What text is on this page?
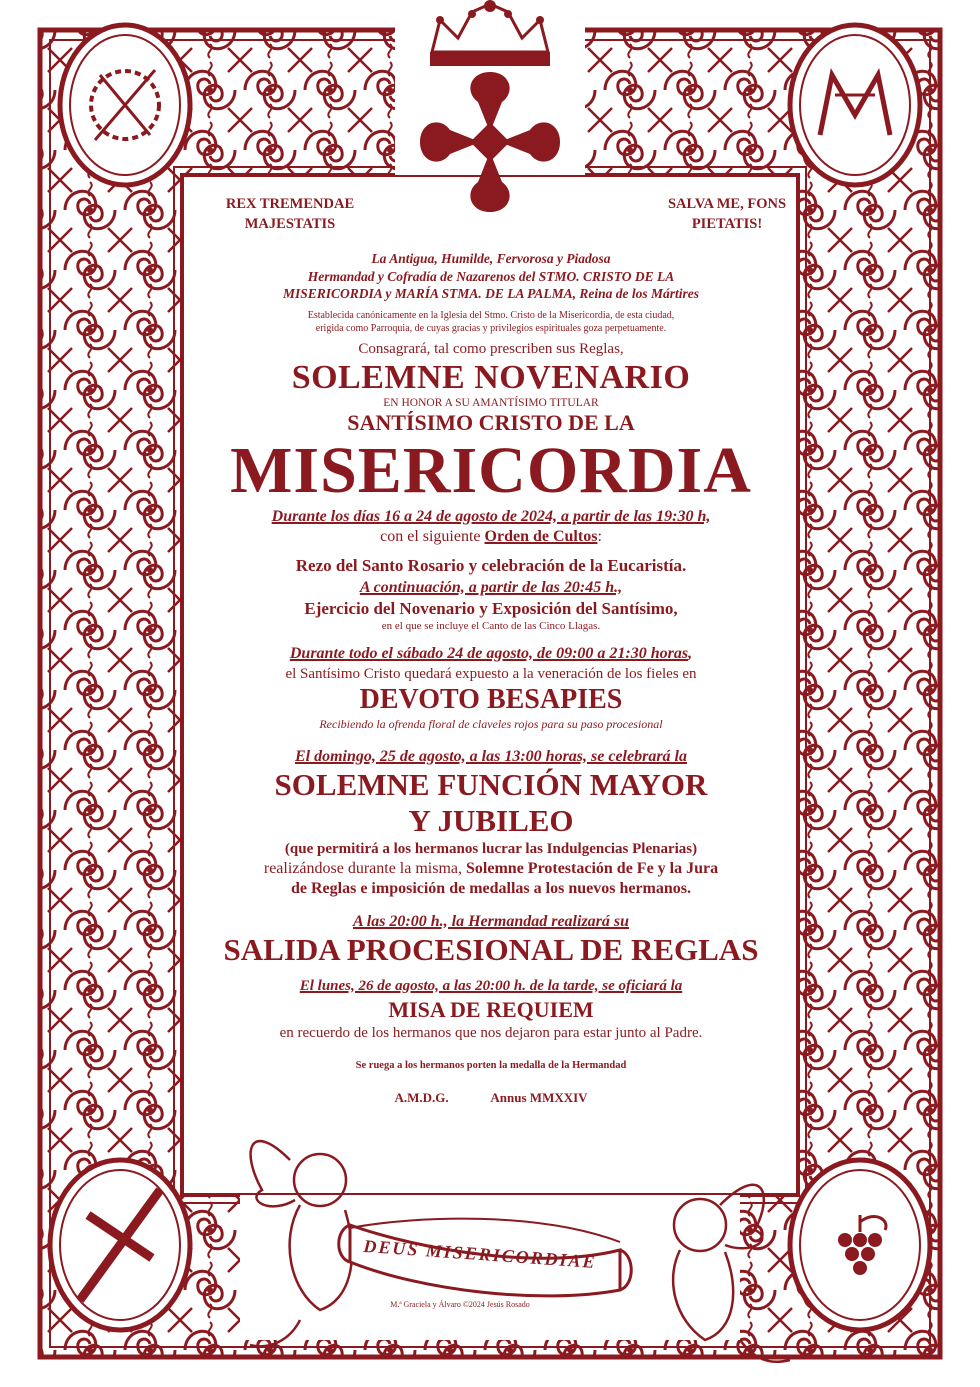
DEUS MISERICORDIAE
M.ª Graciela y Álvaro ©2024 Jesús Rosado
REX TREMENDAE MAJESTATIS
SALVA ME, FONS PIETATIS!
La Antigua, Humilde, Fervorosa y Piadosa
Hermandad y Cofradía de Nazarenos del STMO. CRISTO DE LA
MISERICORDIA y MARÍA STMA. DE LA PALMA, Reina de los Mártires
Establecida canónicamente en la Iglesia del Stmo. Cristo de la Misericordia, de esta ciudad,
erigida como Parroquia, de cuyas gracias y privilegios espirituales goza perpetuamente.
Consagrará, tal como prescriben sus Reglas,
SOLEMNE NOVENARIO
EN HONOR A SU AMANTÍSIMO TITULAR
SANTÍSIMO CRISTO DE LA
MISERICORDIA
Durante los días 16 a 24 de agosto de 2024, a partir de las 19:30 h,
con el siguiente Orden de Cultos:
Rezo del Santo Rosario y celebración de la Eucaristía.
A continuación, a partir de las 20:45 h.,
Ejercicio del Novenario y Exposición del Santísimo,
en el que se incluye el Canto de las Cinco Llagas.
Durante todo el sábado 24 de agosto, de 09:00 a 21:30 horas,
el Santísimo Cristo quedará expuesto a la veneración de los fieles en
DEVOTO BESAPIES
Recibiendo la ofrenda floral de claveles rojos para su paso procesional
El domingo, 25 de agosto, a las 13:00 horas, se celebrará la
SOLEMNE FUNCIÓN MAYOR
Y JUBILEO
(que permitirá a los hermanos lucrar las Indulgencias Plenarias)
realizándose durante la misma, Solemne Protestación de Fe y la Jura
de Reglas e imposición de medallas a los nuevos hermanos.
A las 20:00 h., la Hermandad realizará su
SALIDA PROCESIONAL DE REGLAS
El lunes, 26 de agosto, a las 20:00 h. de la tarde, se oficiará la
MISA DE REQUIEM
en recuerdo de los hermanos que nos dejaron para estar junto al Padre.
Se ruega a los hermanos porten la medalla de la Hermandad
A.M.D.G.	Annus MMXXIV
